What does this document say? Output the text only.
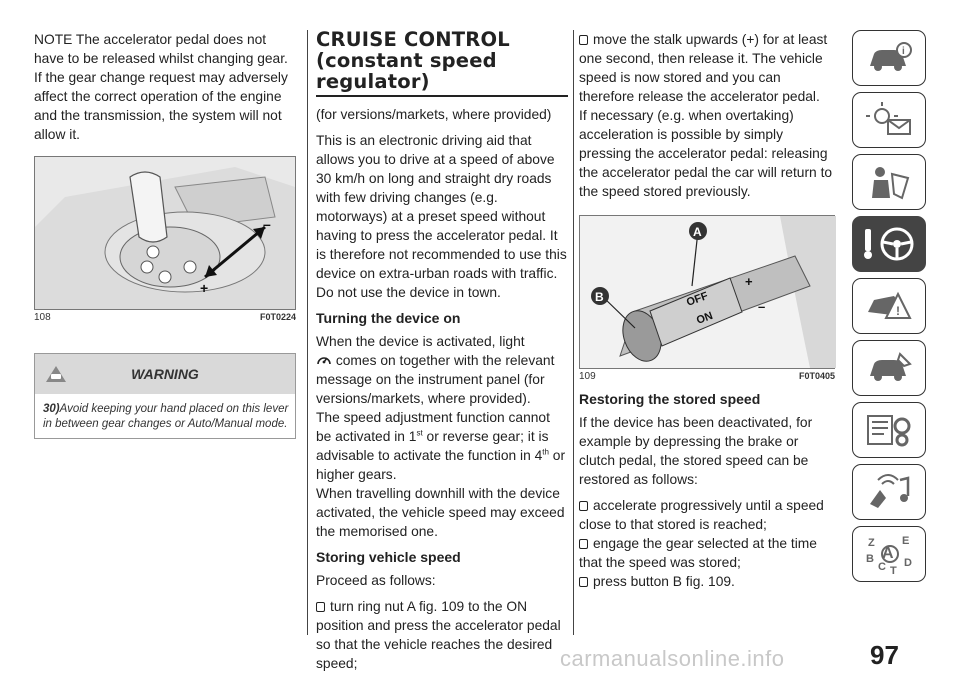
NOTE The accelerator pedal does not have to be released whilst changing gear. If the gear change request may adversely affect the correct operation of the engine and the transmission, the system will not allow it.

+
–
108	F0T0224
WARNING
30)Avoid keeping your hand placed on this lever in between gear changes or Auto/Manual mode.
CRUISE CONTROL
(constant speed
regulator)

(for versions/markets, where provided)

This is an electronic driving aid that allows you to drive at a speed of above 30 km/h on long and straight dry roads with few driving changes (e.g. motorways) at a preset speed without having to press the accelerator pedal. It is therefore not recommended to use this device on extra-urban roads with traffic. Do not use the device in town.

Turning the device on

When the device is activated, light
comes on together with the relevant message on the instrument panel (for versions/markets, where provided).

The speed adjustment function cannot be activated in 1st or reverse gear; it is advisable to activate the function in 4th or higher gears.

When travelling downhill with the device activated, the vehicle speed may exceed the memorised one.

Storing vehicle speed

Proceed as follows:

turn ring nut A fig. 109 to the ON position and press the accelerator pedal so that the vehicle reaches the desired speed;

move the stalk upwards (+) for at least one second, then release it. The vehicle speed is now stored and you can therefore release the accelerator pedal.

If necessary (e.g. when overtaking) acceleration is possible by simply pressing the accelerator pedal: releasing the accelerator pedal the car will return to the speed stored previously.

OFF
ON
+
–
A
B
109	F0T0405

Restoring the stored speed

If the device has been deactivated, for example by depressing the brake or clutch pedal, the stored speed can be restored as follows:

accelerate progressively until a speed close to that stored is reached;

engage the gear selected at the time that the speed was stored;

press button B fig. 109.

i
!
Z E
A
B
C D
T
97
carmanualsonline.info
